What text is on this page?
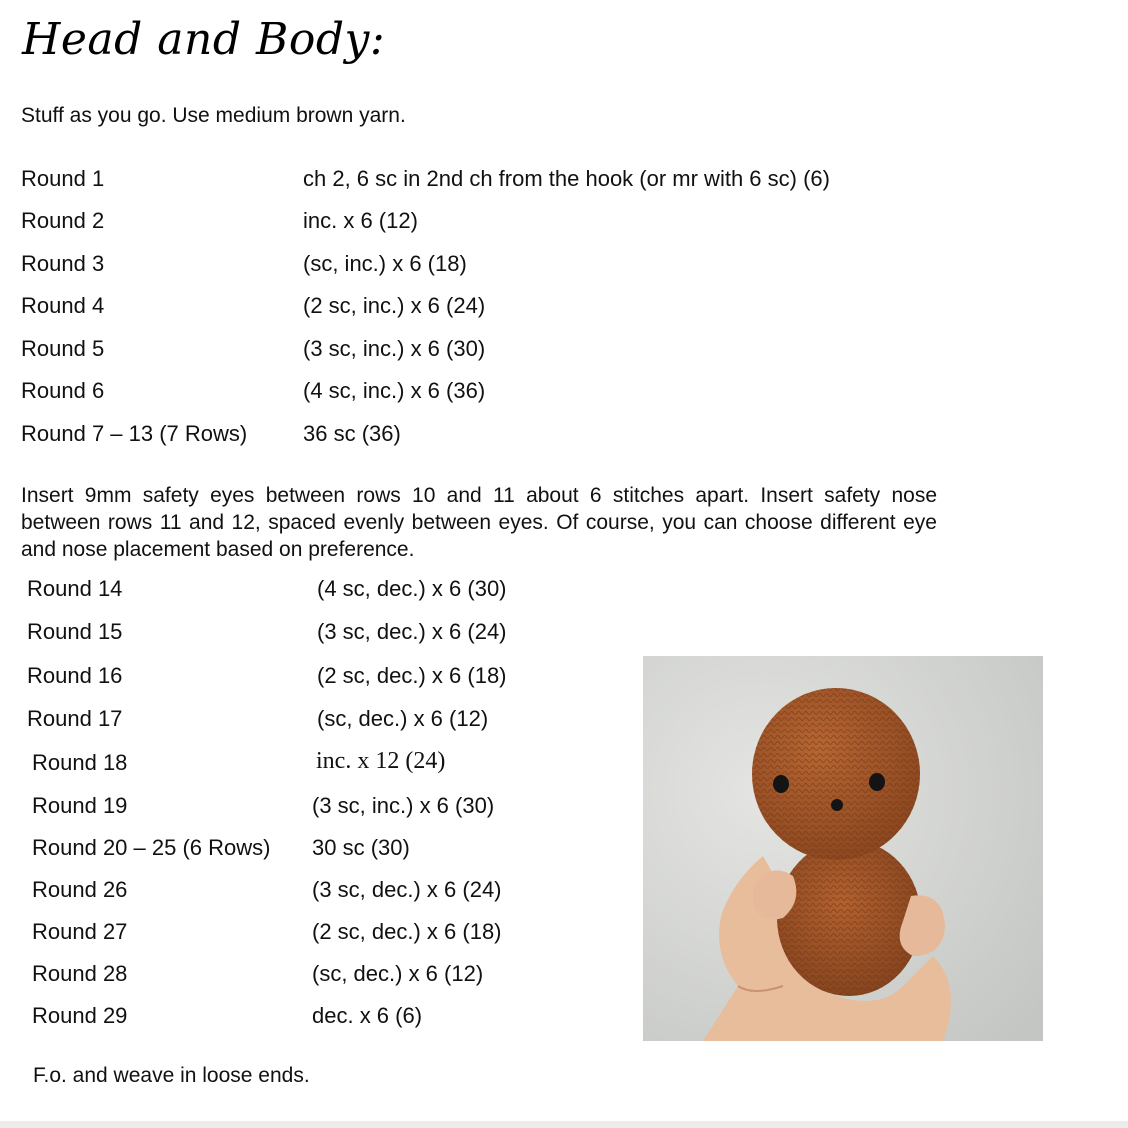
Head and Body:

Stuff as you go. Use medium brown yarn.

Round 1	ch 2, 6 sc in 2nd ch from the hook (or mr with 6 sc) (6)
Round 2	inc. x 6 (12)
Round 3	(sc, inc.) x 6 (18)
Round 4	(2 sc, inc.) x 6 (24)
Round 5	(3 sc, inc.) x 6 (30)
Round 6	(4 sc, inc.) x 6 (36)
Round 7 – 13 (7 Rows)	36 sc (36)
Round 14	(4 sc, dec.) x 6 (30)
Round 15	(3 sc, dec.) x 6 (24)
Round 16	(2 sc, dec.) x 6 (18)
Round 17	(sc, dec.) x 6 (12)
Round 18	inc. x 12 (24)
Round 19	(3 sc, inc.) x 6 (30)
Round 20 – 25 (6 Rows) 30 sc (30)
Round 26	(3 sc, dec.) x 6 (24)
Round 27	(2 sc, dec.) x 6 (18)
Round 28	(sc, dec.) x 6 (12)
Round 29	dec. x 6 (6)

Insert 9mm safety eyes between rows 10 and 11 about 6 stitches apart. Insert safety nose between rows 11 and 12, spaced evenly between eyes. Of course, you can choose different eye and nose placement based on preference.

F.o. and weave in loose ends.
